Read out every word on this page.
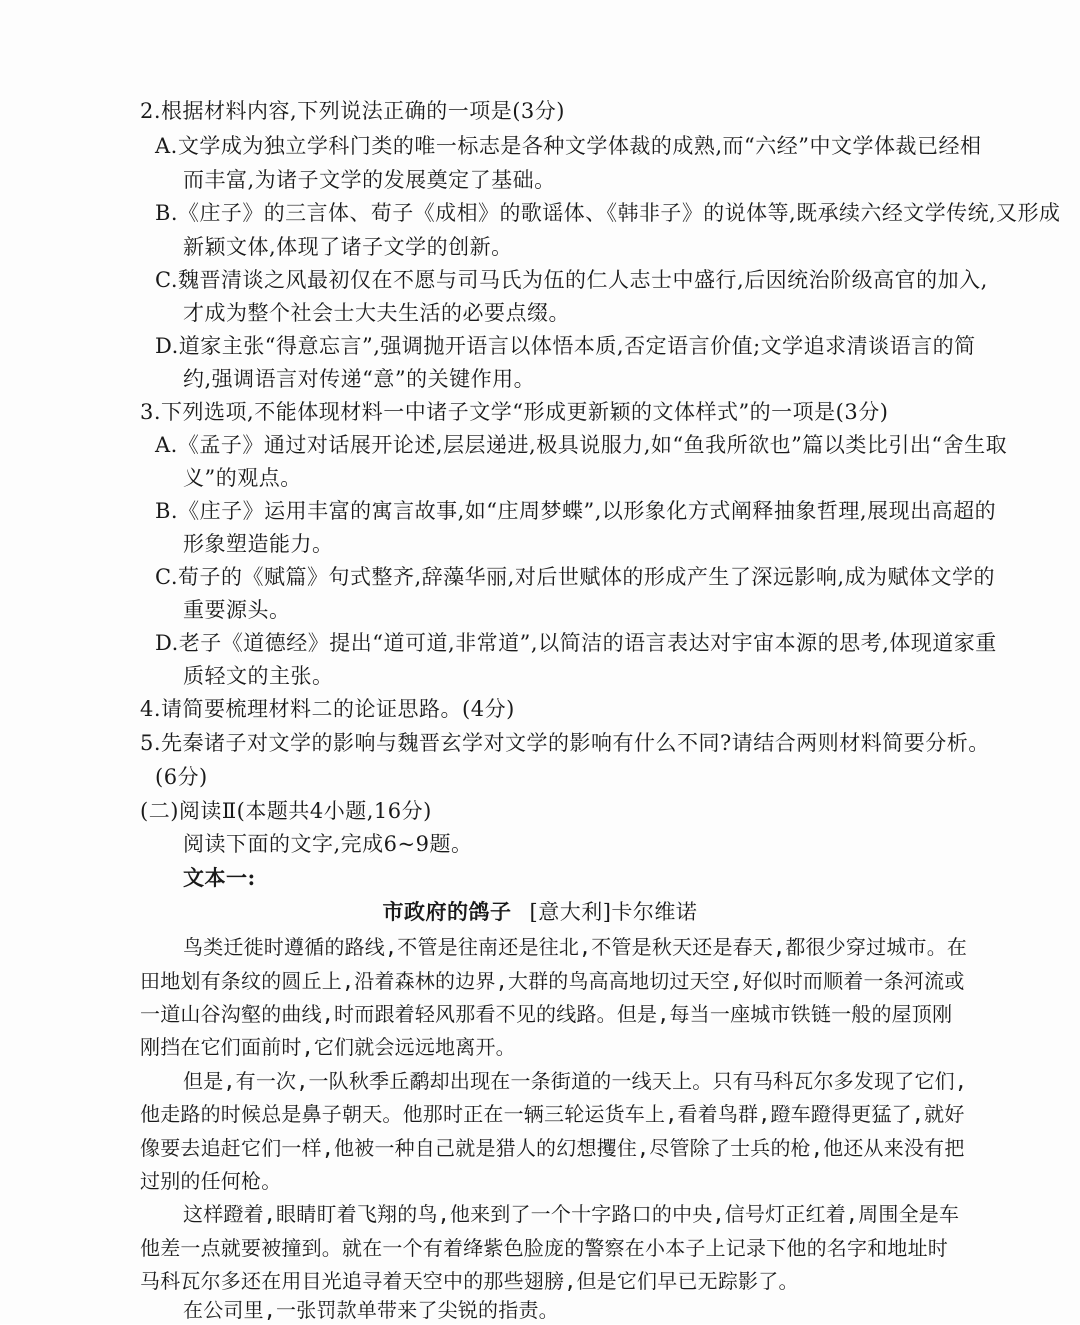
2.根据材料内容,下列说法正确的一项是(3分)
A.文学成为独立学科门类的唯一标志是各种文学体裁的成熟,而“六经”中文学体裁已经相
而丰富,为诸子文学的发展奠定了基础。
B.《庄子》的三言体、荀子《成相》的歌谣体、《韩非子》的说体等,既承续六经文学传统,又形成
新颖文体,体现了诸子文学的创新。
C.魏晋清谈之风最初仅在不愿与司马氏为伍的仁人志士中盛行,后因统治阶级高官的加入,
才成为整个社会士大夫生活的必要点缀。
D.道家主张“得意忘言”,强调抛开语言以体悟本质,否定语言价值;文学追求清谈语言的简
约,强调语言对传递“意”的关键作用。
3.下列选项,不能体现材料一中诸子文学“形成更新颖的文体样式”的一项是(3分)
A.《孟子》通过对话展开论述,层层递进,极具说服力,如“鱼我所欲也”篇以类比引出“舍生取
义”的观点。
B.《庄子》运用丰富的寓言故事,如“庄周梦蝶”,以形象化方式阐释抽象哲理,展现出高超的
形象塑造能力。
C.荀子的《赋篇》句式整齐,辞藻华丽,对后世赋体的形成产生了深远影响,成为赋体文学的
重要源头。
D.老子《道德经》提出“道可道,非常道”,以简洁的语言表达对宇宙本源的思考,体现道家重
质轻文的主张。
4.请简要梳理材料二的论证思路。(4分)
5.先秦诸子对文学的影响与魏晋玄学对文学的影响有什么不同?请结合两则材料简要分析。
(6分)
(二)阅读Ⅱ(本题共4小题,16分)
阅读下面的文字,完成6~9题。
文本一:
市政府的鸽子 [意大利]卡尔维诺
鸟类迁徙时遵循的路线,不管是往南还是往北,不管是秋天还是春天,都很少穿过城市。在
田地划有条纹的圆丘上,沿着森林的边界,大群的鸟高高地切过天空,好似时而顺着一条河流或
一道山谷沟壑的曲线,时而跟着轻风那看不见的线路。但是,每当一座城市铁链一般的屋顶刚
刚挡在它们面前时,它们就会远远地离开。
但是,有一次,一队秋季丘鹬却出现在一条街道的一线天上。只有马科瓦尔多发现了它们,
他走路的时候总是鼻子朝天。他那时正在一辆三轮运货车上,看着鸟群,蹬车蹬得更猛了,就好
像要去追赶它们一样,他被一种自己就是猎人的幻想攫住,尽管除了士兵的枪,他还从来没有把
过别的任何枪。
这样蹬着,眼睛盯着飞翔的鸟,他来到了一个十字路口的中央,信号灯正红着,周围全是车
他差一点就要被撞到。就在一个有着绛紫色脸庞的警察在小本子上记录下他的名字和地址时
马科瓦尔多还在用目光追寻着天空中的那些翅膀,但是它们早已无踪影了。
在公司里,一张罚款单带来了尖锐的指责。
